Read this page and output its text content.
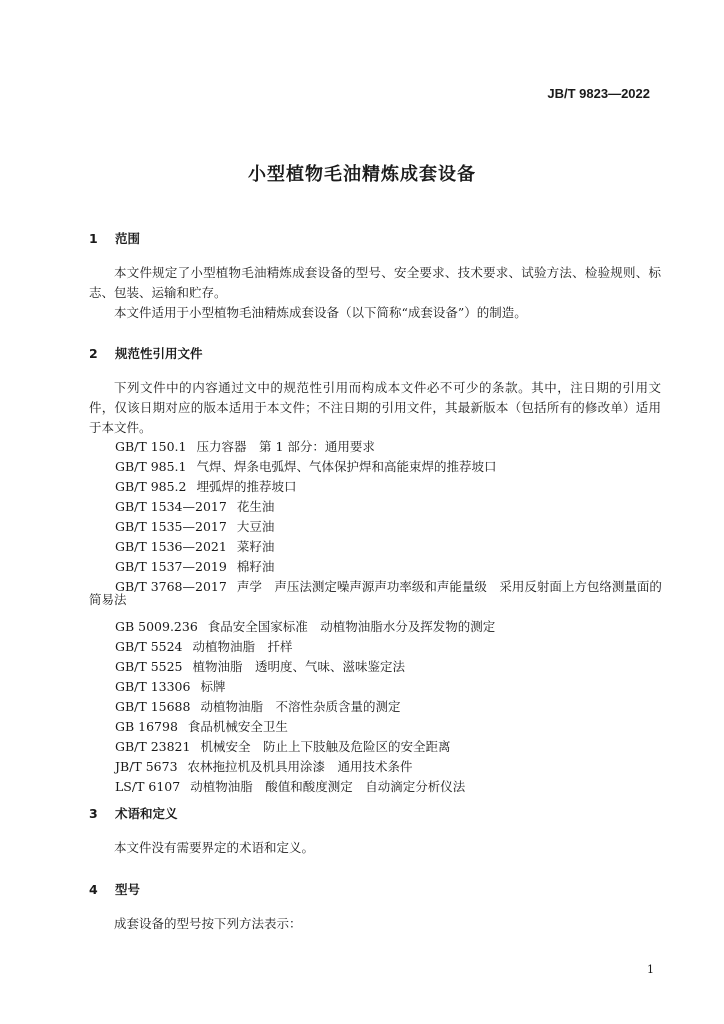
JB/T 9823—2022
小型植物毛油精炼成套设备
1 范围
本文件规定了小型植物毛油精炼成套设备的型号、安全要求、技术要求、试验方法、检验规则、标志、包装、运输和贮存。
本文件适用于小型植物毛油精炼成套设备（以下简称“成套设备”）的制造。
2 规范性引用文件
下列文件中的内容通过文中的规范性引用而构成本文件必不可少的条款。其中，注日期的引用文件，仅该日期对应的版本适用于本文件；不注日期的引用文件，其最新版本（包括所有的修改单）适用于本文件。
GB/T 150.1 压力容器　第 1 部分：通用要求
GB/T 985.1 气焊、焊条电弧焊、气体保护焊和高能束焊的推荐坡口
GB/T 985.2 埋弧焊的推荐坡口
GB/T 1534—2017 花生油
GB/T 1535—2017 大豆油
GB/T 1536—2021 菜籽油
GB/T 1537—2019 棉籽油
GB/T 3768—2017 声学　声压法测定噪声源声功率级和声能量级　采用反射面上方包络测量面的
GB 5009.236 食品安全国家标准　动植物油脂水分及挥发物的测定
GB/T 5524 动植物油脂　扦样
GB/T 5525 植物油脂　透明度、气味、滋味鉴定法
GB/T 13306 标牌
GB/T 15688 动植物油脂　不溶性杂质含量的测定
GB 16798 食品机械安全卫生
GB/T 23821 机械安全　防止上下肢触及危险区的安全距离
JB/T 5673 农林拖拉机及机具用涂漆　通用技术条件
LS/T 6107 动植物油脂　酸值和酸度测定　自动滴定分析仪法
简易法
3 术语和定义
本文件没有需要界定的术语和定义。
4 型号
成套设备的型号按下列方法表示：
1
